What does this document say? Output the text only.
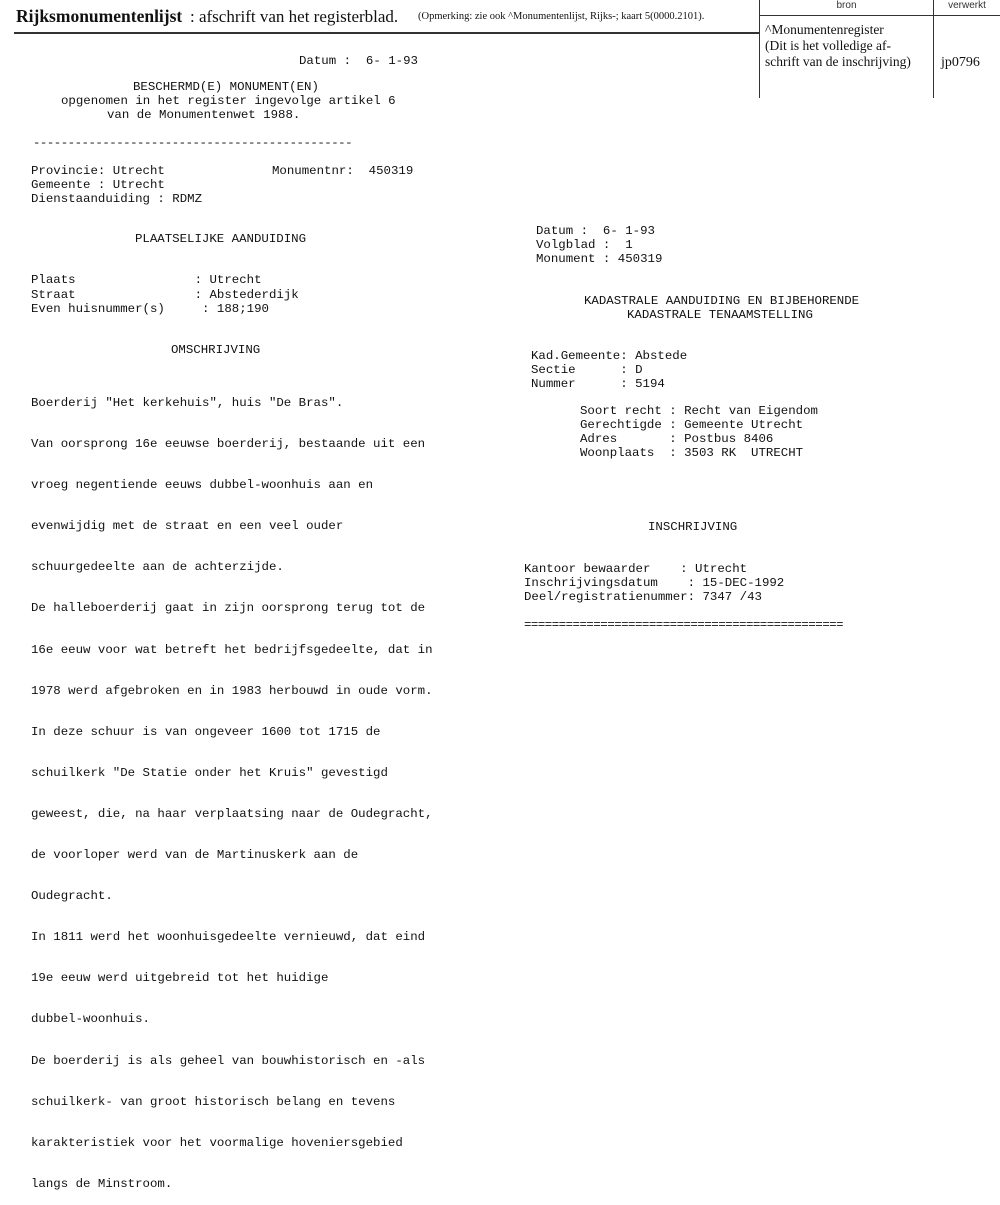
Rijksmonumentenlijst : afschrift van het registerblad. (Opmerking: zie ook ^Monumentenlijst, Rijks-; kaart 5(0000.2101).
bron	verwerkt
^Monumentenregister
(Dit is het volledige af-
schrift van de inschrijving)	jp0796
Datum :  6- 1-93
BESCHERMD(E) MONUMENT(EN)
opgenomen in het register ingevolge artikel 6
van de Monumentenwet 1988.
----------------------------------------------
Provincie: Utrecht	Monumentnr:  450319
Gemeente : Utrecht
Dienstaanduiding : RDMZ
PLAATSELIJKE AANDUIDING
Plaats                : Utrecht
Straat                : Abstederdijk
Even huisnummer(s)     : 188;190
OMSCHRIJVING

Boerderij "Het kerkehuis", huis "De Bras".

Van oorsprong 16e eeuwse boerderij, bestaande uit een

vroeg negentiende eeuws dubbel-woonhuis aan en

evenwijdig met de straat en een veel ouder

schuurgedeelte aan de achterzijde.

De halleboerderij gaat in zijn oorsprong terug tot de

16e eeuw voor wat betreft het bedrijfsgedeelte, dat in

1978 werd afgebroken en in 1983 herbouwd in oude vorm.

In deze schuur is van ongeveer 1600 tot 1715 de

schuilkerk "De Statie onder het Kruis" gevestigd

geweest, die, na haar verplaatsing naar de Oudegracht,

de voorloper werd van de Martinuskerk aan de

Oudegracht.

In 1811 werd het woonhuisgedeelte vernieuwd, dat eind

19e eeuw werd uitgebreid tot het huidige

dubbel-woonhuis.

De boerderij is als geheel van bouwhistorisch en -als

schuilkerk- van groot historisch belang en tevens

karakteristiek voor het voormalige hoveniersgebied

langs de Minstroom.

Datum :  6- 1-93
Volgblad :  1
Monument : 450319
KADASTRALE AANDUIDING EN BIJBEHORENDE
KADASTRALE TENAAMSTELLING
Kad.Gemeente: Abstede
Sectie      : D
Nummer      : 5194
Soort recht : Recht van Eigendom
Gerechtigde : Gemeente Utrecht
Adres       : Postbus 8406
Woonplaats  : 3503 RK  UTRECHT
INSCHRIJVING
Kantoor bewaarder    : Utrecht
Inschrijvingsdatum    : 15-DEC-1992
Deel/registratienummer: 7347 /43
==============================================
